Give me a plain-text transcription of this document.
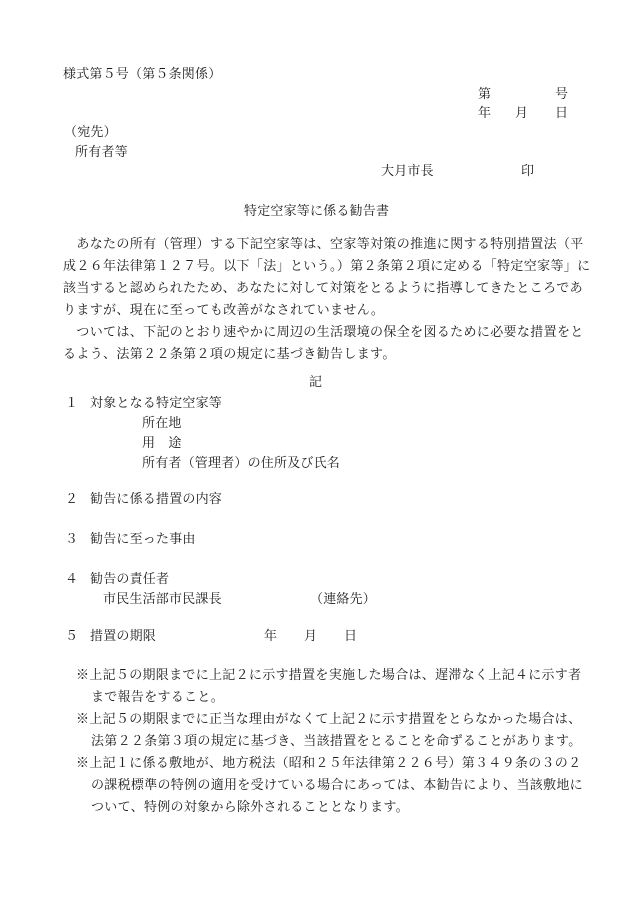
様式第５号（第５条関係）
第	号
年 月 日
（宛先）
所有者等
大月市長	印
特定空家等に係る勧告書
　あなたの所有（管理）する下記空家等は、空家等対策の推進に関する特別措置法（平
成２６年法律第１２７号。以下「法」という。）第２条第２項に定める「特定空家等」に
該当すると認められたため、あなたに対して対策をとるように指導してきたところであ
りますが、現在に至っても改善がなされていません。
　ついては、下記のとおり速やかに周辺の生活環境の保全を図るために必要な措置をと
るよう、法第２２条第２項の規定に基づき勧告します。
記
１ 対象となる特定空家等
所在地
用　途
所有者（管理者）の住所及び氏名
２ 勧告に係る措置の内容
３ 勧告に至った事由
４ 勧告の責任者
市民生活部市民課長	（連絡先）
５ 措置の期限	年 月 日
※上記５の期限までに上記２に示す措置を実施した場合は、遅滞なく上記４に示す者
まで報告をすること。
※上記５の期限までに正当な理由がなくて上記２に示す措置をとらなかった場合は、
法第２２条第３項の規定に基づき、当該措置をとることを命ずることがあります。
※上記１に係る敷地が、地方税法（昭和２５年法律第２２６号）第３４９条の３の２
の課税標準の特例の適用を受けている場合にあっては、本勧告により、当該敷地に
ついて、特例の対象から除外されることとなります。
